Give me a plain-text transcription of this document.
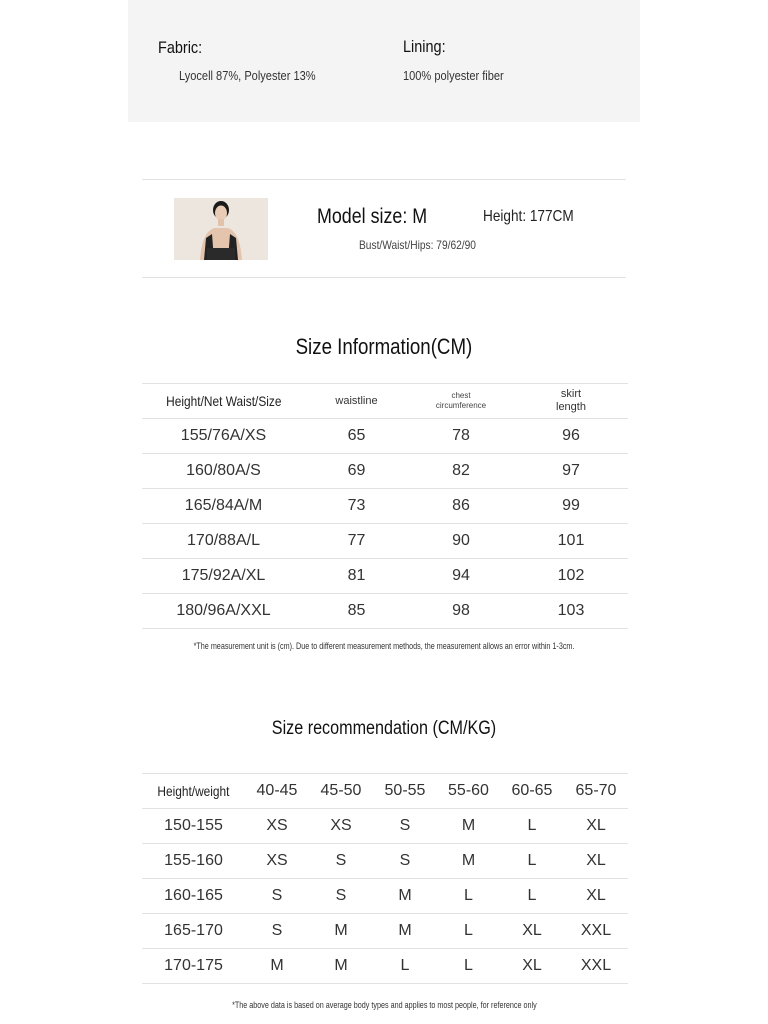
Fabric:
Lyocell 87%, Polyester 13%
Lining:
100% polyester fiber
Model size: M	Height: 177CM
Bust/Waist/Hips: 79/62/90
Size Information(CM)
Height/Net Waist/Size	waistline	chest circumference	skirt length

155/76A/XS	65	78	96
160/80A/S	69	82	97
165/84A/M	73	86	99
170/88A/L	77	90	101
175/92A/XL	81	94	102
180/96A/XXL	85	98	103
*The measurement unit is (cm). Due to different measurement methods, the measurement allows an error within 1-3cm.
Size recommendation (CM/KG)
Height/weight	40-45	45-50	50-55	55-60	60-65	65-70
150-155	XS	XS	S	M	L	XL
155-160	XS	S	S	M	L	XL
160-165	S	S	M	L	L	XL
165-170	S	M	M	L	XL	XXL
170-175	M	M	L	L	XL	XXL
*The above data is based on average body types and applies to most people, for reference only
